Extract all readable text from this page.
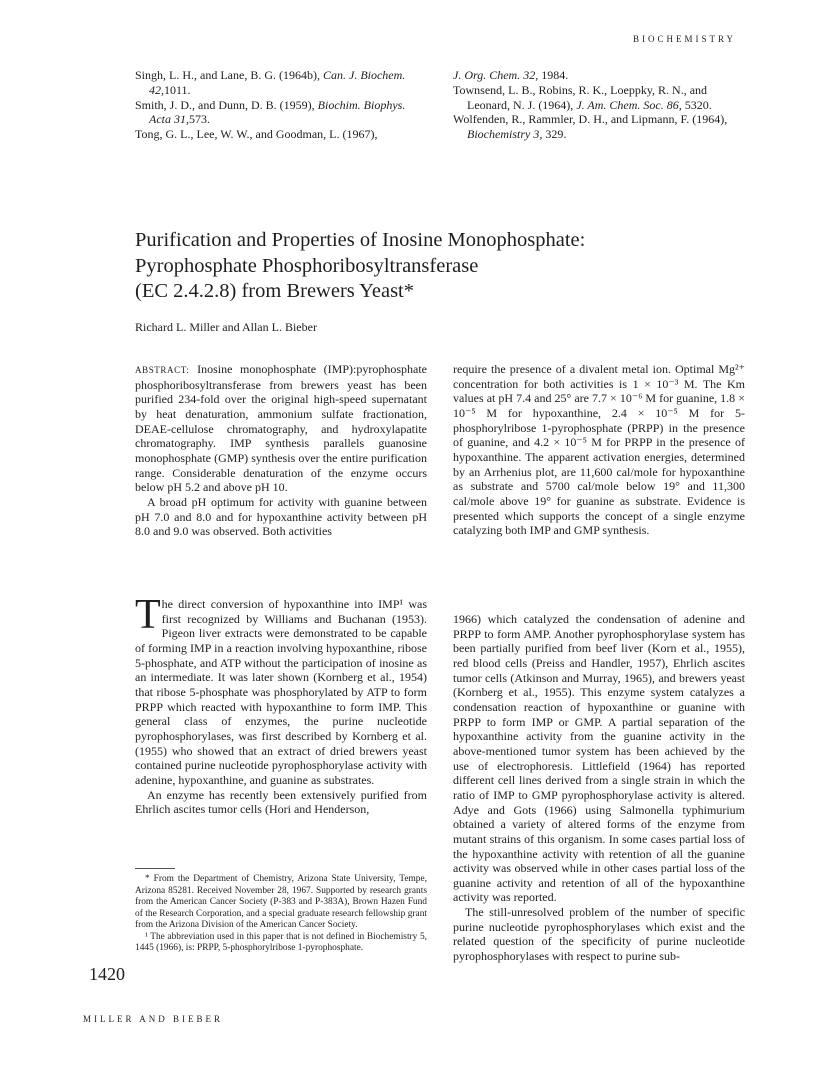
BIOCHEMISTRY

Singh, L. H., and Lane, B. G. (1964b), Can. J. Biochem.
42,1011.

Smith, J. D., and Dunn, D. B. (1959), Biochim. Biophys.
Acta 31,573.

Tong, G. L., Lee, W. W., and Goodman, L. (1967),

J. Org. Chem. 32, 1984.

Townsend, L. B., Robins, R. K., Loeppky, R. N., and Leonard, N. J. (1964), J. Am. Chem. Soc. 86, 5320.

Wolfenden, R., Rammler, D. H., and Lipmann, F. (1964), Biochemistry 3, 329.

Purification and Properties of Inosine Monophosphate:
Pyrophosphate Phosphoribosyltransferase
(EC 2.4.2.8) from Brewers Yeast*
Richard L. Miller and Allan L. Bieber

ABSTRACT: Inosine monophosphate (IMP):pyrophosphate phosphoribosyltransferase from brewers yeast has been purified 234-fold over the original high-speed supernatant by heat denaturation, ammonium sulfate fractionation, DEAE-cellulose chromatography, and hydroxylapatite chromatography. IMP synthesis parallels guanosine monophosphate (GMP) synthesis over the entire purification range. Considerable denaturation of the enzyme occurs below pH 5.2 and above pH 10.

A broad pH optimum for activity with guanine between pH 7.0 and 8.0 and for hypoxanthine activity between pH 8.0 and 9.0 was observed. Both activities

require the presence of a divalent metal ion. Optimal Mg²⁺ concentration for both activities is 1 × 10⁻³ M. The Km values at pH 7.4 and 25° are 7.7 × 10⁻⁶ M for guanine, 1.8 × 10⁻⁵ M for hypoxanthine, 2.4 × 10⁻⁵ M for 5-phosphorylribose 1-pyrophosphate (PRPP) in the presence of guanine, and 4.2 × 10⁻⁵ M for PRPP in the presence of hypoxanthine. The apparent activation energies, determined by an Arrhenius plot, are 11,600 cal/mole for hypoxanthine as substrate and 5700 cal/mole below 19° and 11,300 cal/mole above 19° for guanine as substrate. Evidence is presented which supports the concept of a single enzyme catalyzing both IMP and GMP synthesis.

The direct conversion of hypoxanthine into IMP¹ was first recognized by Williams and Buchanan (1953). Pigeon liver extracts were demonstrated to be capable of forming IMP in a reaction involving hypoxanthine, ribose 5-phosphate, and ATP without the participation of inosine as an intermediate. It was later shown (Kornberg et al., 1954) that ribose 5-phosphate was phosphorylated by ATP to form PRPP which reacted with hypoxanthine to form IMP. This general class of enzymes, the purine nucleotide pyrophosphorylases, was first described by Kornberg et al.(1955) who showed that an extract of dried brewers yeast contained purine nucleotide pyrophosphorylase activity with adenine, hypoxanthine, and guanine as substrates.

An enzyme has recently been extensively purified from Ehrlich ascites tumor cells (Hori and Henderson,

* From the Department of Chemistry, Arizona State University, Tempe, Arizona 85281. Received November 28, 1967. Supported by research grants from the American Cancer Society (P-383 and P-383A), Brown Hazen Fund of the Research Corporation, and a special graduate research fellowship grant from the Arizona Division of the American Cancer Society.

¹ The abbreviation used in this paper that is not defined in Biochemistry 5, 1445 (1966), is: PRPP, 5-phosphorylribose 1-pyrophosphate.

1966) which catalyzed the condensation of adenine and PRPP to form AMP. Another pyrophosphorylase system has been partially purified from beef liver (Korn et al., 1955), red blood cells (Preiss and Handler, 1957), Ehrlich ascites tumor cells (Atkinson and Murray, 1965), and brewers yeast (Kornberg et al., 1955). This enzyme system catalyzes a condensation reaction of hypoxanthine or guanine with PRPP to form IMP or GMP. A partial separation of the hypoxanthine activity from the guanine activity in the above-mentioned tumor system has been achieved by the use of electrophoresis. Littlefield (1964) has reported different cell lines derived from a single strain in which the ratio of IMP to GMP pyrophosphorylase activity is altered. Adye and Gots (1966) using Salmonella typhimurium obtained a variety of altered forms of the enzyme from mutant strains of this organism. In some cases partial loss of the hypoxanthine activity with retention of all the guanine activity was observed while in other cases partial loss of the guanine activity and retention of all of the hypoxanthine activity was reported.

The still-unresolved problem of the number of specific purine nucleotide pyrophosphorylases which exist and the related question of the specificity of purine nucleotide pyrophosphorylases with respect to purine sub-

1420
MILLER AND BIEBER
